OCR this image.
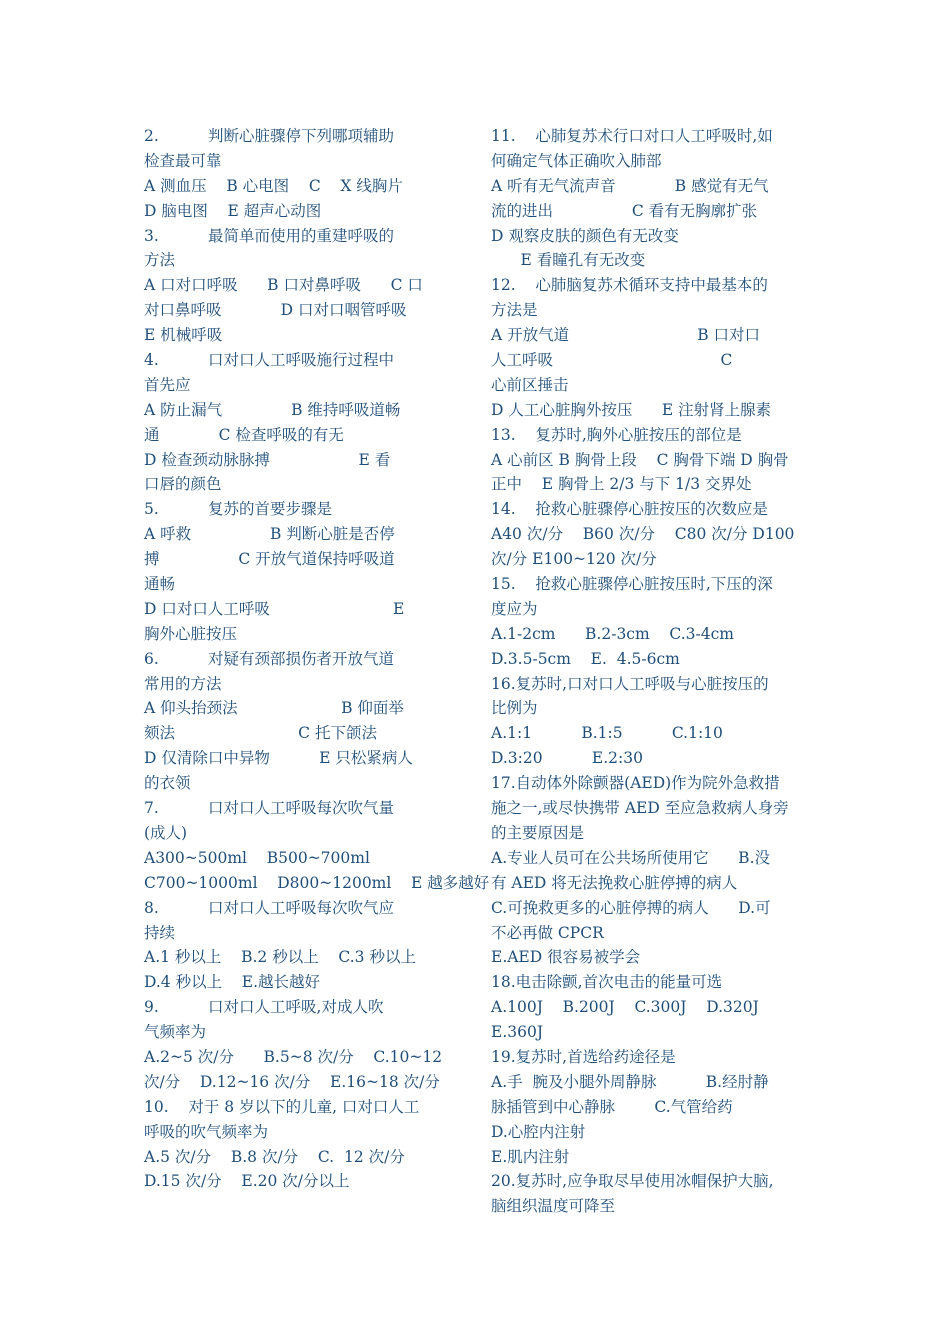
2.          判断心脏骤停下列哪项辅助
检查最可靠
A 测血压    B 心电图    C    X 线胸片
D 脑电图    E 超声心动图
3.          最简单而使用的重建呼吸的
方法
A 口对口呼吸      B 口对鼻呼吸      C 口
对口鼻呼吸            D 口对口咽管呼吸
E 机械呼吸
4.          口对口人工呼吸施行过程中
首先应
A 防止漏气              B 维持呼吸道畅
通            C 检查呼吸的有无
D 检查颈动脉脉搏                  E 看
口唇的颜色
5.          复苏的首要步骤是
A 呼救                B 判断心脏是否停
搏                C 开放气道保持呼吸道
通畅
D 口对口人工呼吸                         E
胸外心脏按压
6.          对疑有颈部损伤者开放气道
常用的方法
A 仰头抬颈法                     B 仰面举
颏法                         C 托下颌法
D 仅清除口中异物          E 只松紧病人
的衣领
7.          口对口人工呼吸每次吹气量
(成人)
A300~500ml    B500~700ml
C700~1000ml    D800~1200ml    E 越多越好
8.          口对口人工呼吸每次吹气应
持续
A.1 秒以上    B.2 秒以上    C.3 秒以上
D.4 秒以上    E.越长越好
9.          口对口人工呼吸,对成人吹
气频率为
A.2~5 次/分      B.5~8 次/分    C.10~12
次/分    D.12~16 次/分    E.16~18 次/分
10.    对于 8 岁以下的儿童, 口对口人工
呼吸的吹气频率为
A.5 次/分    B.8 次/分    C.  12 次/分
D.15 次/分    E.20 次/分以上
11.    心肺复苏术行口对口人工呼吸时,如
何确定气体正确吹入肺部
A 听有无气流声音            B 感觉有无气
流的进出                C 看有无胸廓扩张
D 观察皮肤的颜色有无改变
E 看瞳孔有无改变
12.    心肺脑复苏术循环支持中最基本的
方法是
A 开放气道                          B 口对口
人工呼吸                                  C
心前区捶击
D 人工心脏胸外按压      E 注射肾上腺素
13.    复苏时,胸外心脏按压的部位是
A 心前区 B 胸骨上段    C 胸骨下端 D 胸骨
正中    E 胸骨上 2/3 与下 1/3 交界处
14.    抢救心脏骤停心脏按压的次数应是
A40 次/分    B60 次/分    C80 次/分 D100
次/分 E100~120 次/分
15.    抢救心脏骤停心脏按压时,下压的深
度应为
A.1-2cm      B.2-3cm    C.3-4cm
D.3.5-5cm    E.  4.5-6cm
16.复苏时,口对口人工呼吸与心脏按压的
比例为
A.1:1          B.1:5          C.1:10
D.3:20          E.2:30
17.自动体外除颤器(AED)作为院外急救措
施之一,或尽快携带 AED 至应急救病人身旁
的主要原因是
A.专业人员可在公共场所使用它      B.没
有 AED 将无法挽救心脏停搏的病人
C.可挽救更多的心脏停搏的病人      D.可
不必再做 CPCR
E.AED 很容易被学会
18.电击除颤,首次电击的能量可选
A.100J    B.200J    C.300J    D.320J
E.360J
19.复苏时,首选给药途径是
A.手  腕及小腿外周静脉          B.经肘静
脉插管到中心静脉        C.气管给药
D.心腔内注射
E.肌内注射
20.复苏时,应争取尽早使用冰帽保护大脑,
脑组织温度可降至
